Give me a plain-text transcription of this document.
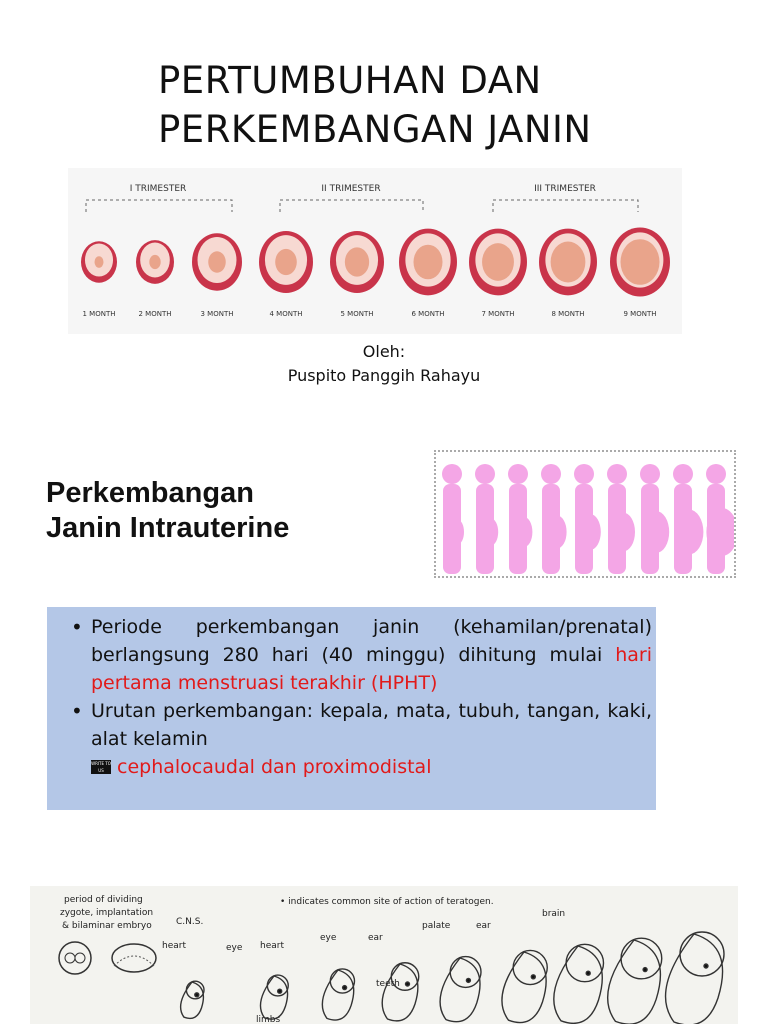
PERTUMBUHAN DAN PERKEMBANGAN JANIN
I TRIMESTER	II TRIMESTER	III TRIMESTER
1 MONTH	2 MONTH	3 MONTH	4 MONTH	5 MONTH	6 MONTH	7 MONTH	8 MONTH	9 MONTH
Oleh:
Puspito Panggih Rahayu
Perkembangan
Janin Intrauterine
• Periode perkembangan janin (kehamilan/prenatal) berlangsung 280 hari (40 minggu) dihitung mulai hari pertama menstruasi terakhir (HPHT)
• Urutan perkembangan: kepala, mata, tubuh, tangan, kaki, alat kelamin
WRITE TO US cephalocaudal dan proximodistal
period of dividing
zygote, implantation
& bilaminar embryo	C.N.S.
• indicates common site of action of teratogen.
heart	eye heart
eye	ear
palate	ear
brain
teeth
limbs
